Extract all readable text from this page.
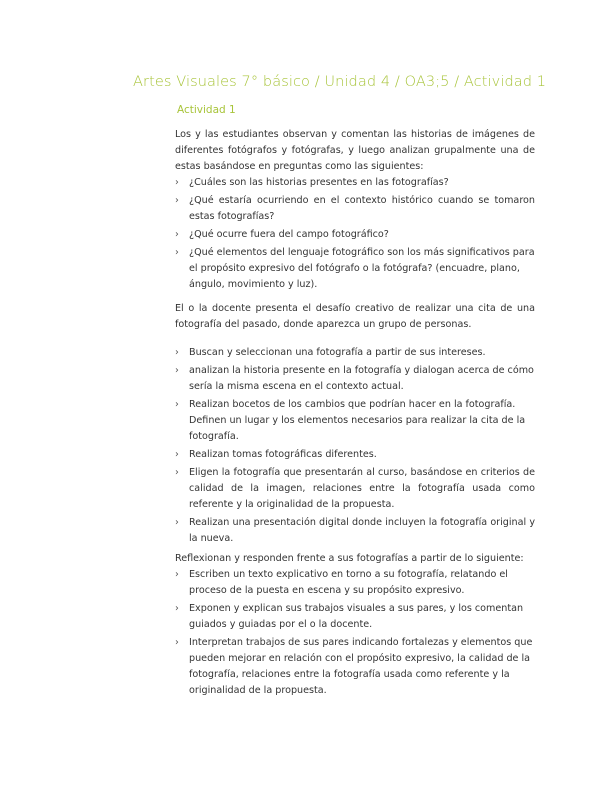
Artes Visuales 7° básico / Unidad 4 / OA3;5 / Actividad 1
Actividad 1

Los y las estudiantes observan y comentan las historias de imágenes de diferentes fotógrafos y fotógrafas, y luego analizan grupalmente una de estas basándose en preguntas como las siguientes:

› ¿Cuáles son las historias presentes en las fotografías?
› ¿Qué estaría ocurriendo en el contexto histórico cuando se tomaron estas fotografías?
› ¿Qué ocurre fuera del campo fotográfico?
› ¿Qué elementos del lenguaje fotográfico son los más significativos para el propósito expresivo del fotógrafo o la fotógrafa? (encuadre, plano, ángulo, movimiento y luz).

El o la docente presenta el desafío creativo de realizar una cita de una fotografía del pasado, donde aparezca un grupo de personas.

› Buscan y seleccionan una fotografía a partir de sus intereses.
› analizan la historia presente en la fotografía y dialogan acerca de cómo sería la misma escena en el contexto actual.
› Realizan bocetos de los cambios que podrían hacer en la fotografía. Definen un lugar y los elementos necesarios para realizar la cita de la fotografía.
› Realizan tomas fotográficas diferentes.
› Eligen la fotografía que presentarán al curso, basándose en criterios de calidad de la imagen, relaciones entre la fotografía usada como referente y la originalidad de la propuesta.
› Realizan una presentación digital donde incluyen la fotografía original y la nueva.

Reflexionan y responden frente a sus fotografías a partir de lo siguiente:

› Escriben un texto explicativo en torno a su fotografía, relatando el proceso de la puesta en escena y su propósito expresivo.
› Exponen y explican sus trabajos visuales a sus pares, y los comentan guiados y guiadas por el o la docente.
› Interpretan trabajos de sus pares indicando fortalezas y elementos que pueden mejorar en relación con el propósito expresivo, la calidad de la fotografía, relaciones entre la fotografía usada como referente y la originalidad de la propuesta.
